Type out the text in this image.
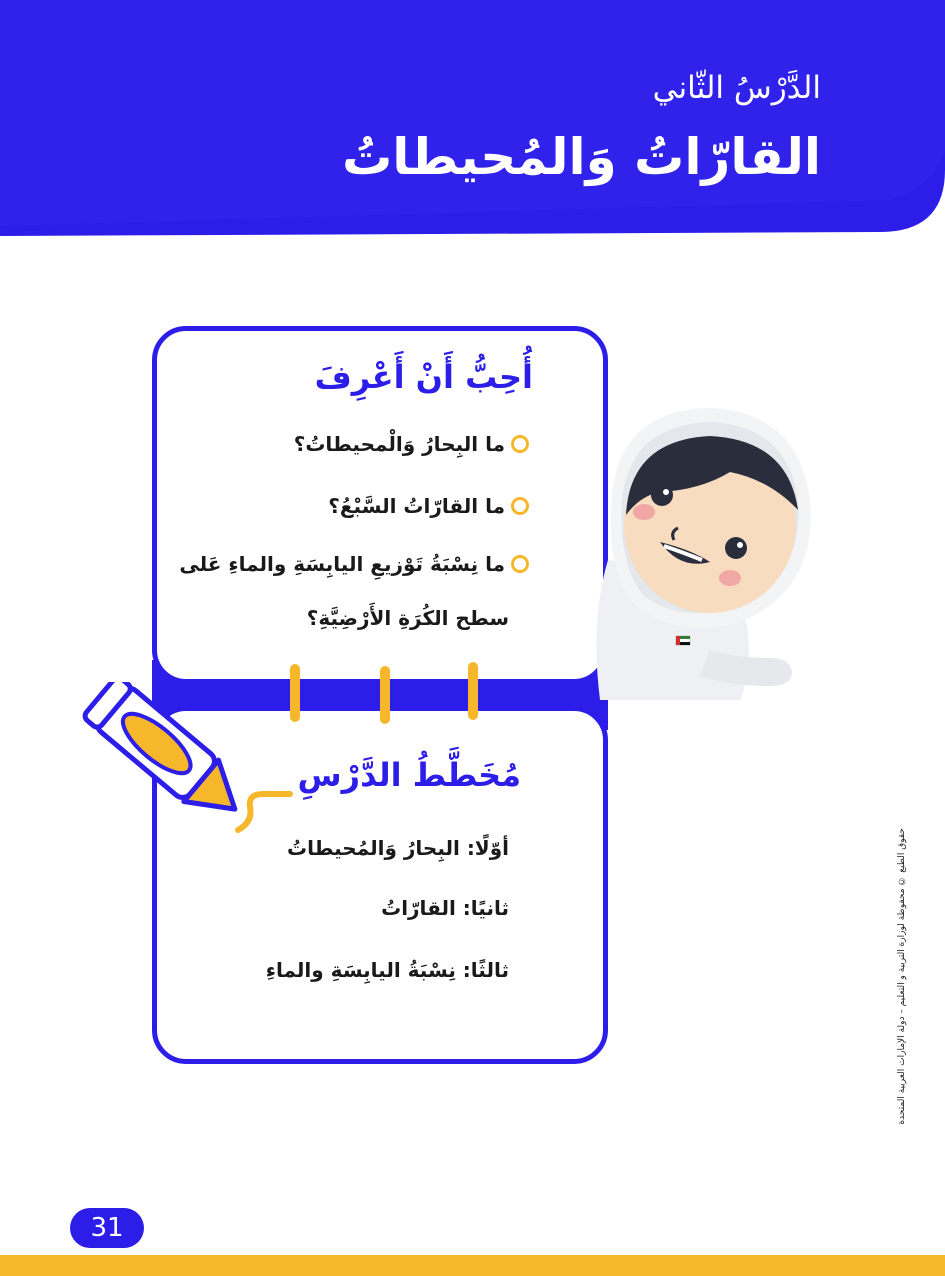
الدَّرْسُ الثّاني
القارّاتُ وَالمُحيطاتُ
أُحِبُّ أَنْ أَعْرِفَ
ما البِحارُ وَالْمحيطاتُ؟
ما القارّاتُ السَّبْعُ؟
ما نِسْبَةُ تَوْزيعِ اليابِسَةِ والماءِ عَلى
سطح الكُرَةِ الأَرْضِيَّةِ؟
مُخَطَّطُ الدَّرْسِ
أوّلًا: البِحارُ وَالمُحيطاتُ
ثانيًا: القارّاتُ
ثالثًا: نِسْبَةُ اليابِسَةِ والماءِ	حقوق الطبع © محفوظة لوزارة التربية و التعليم – دولة الإمارات العربية المتحدة
31
